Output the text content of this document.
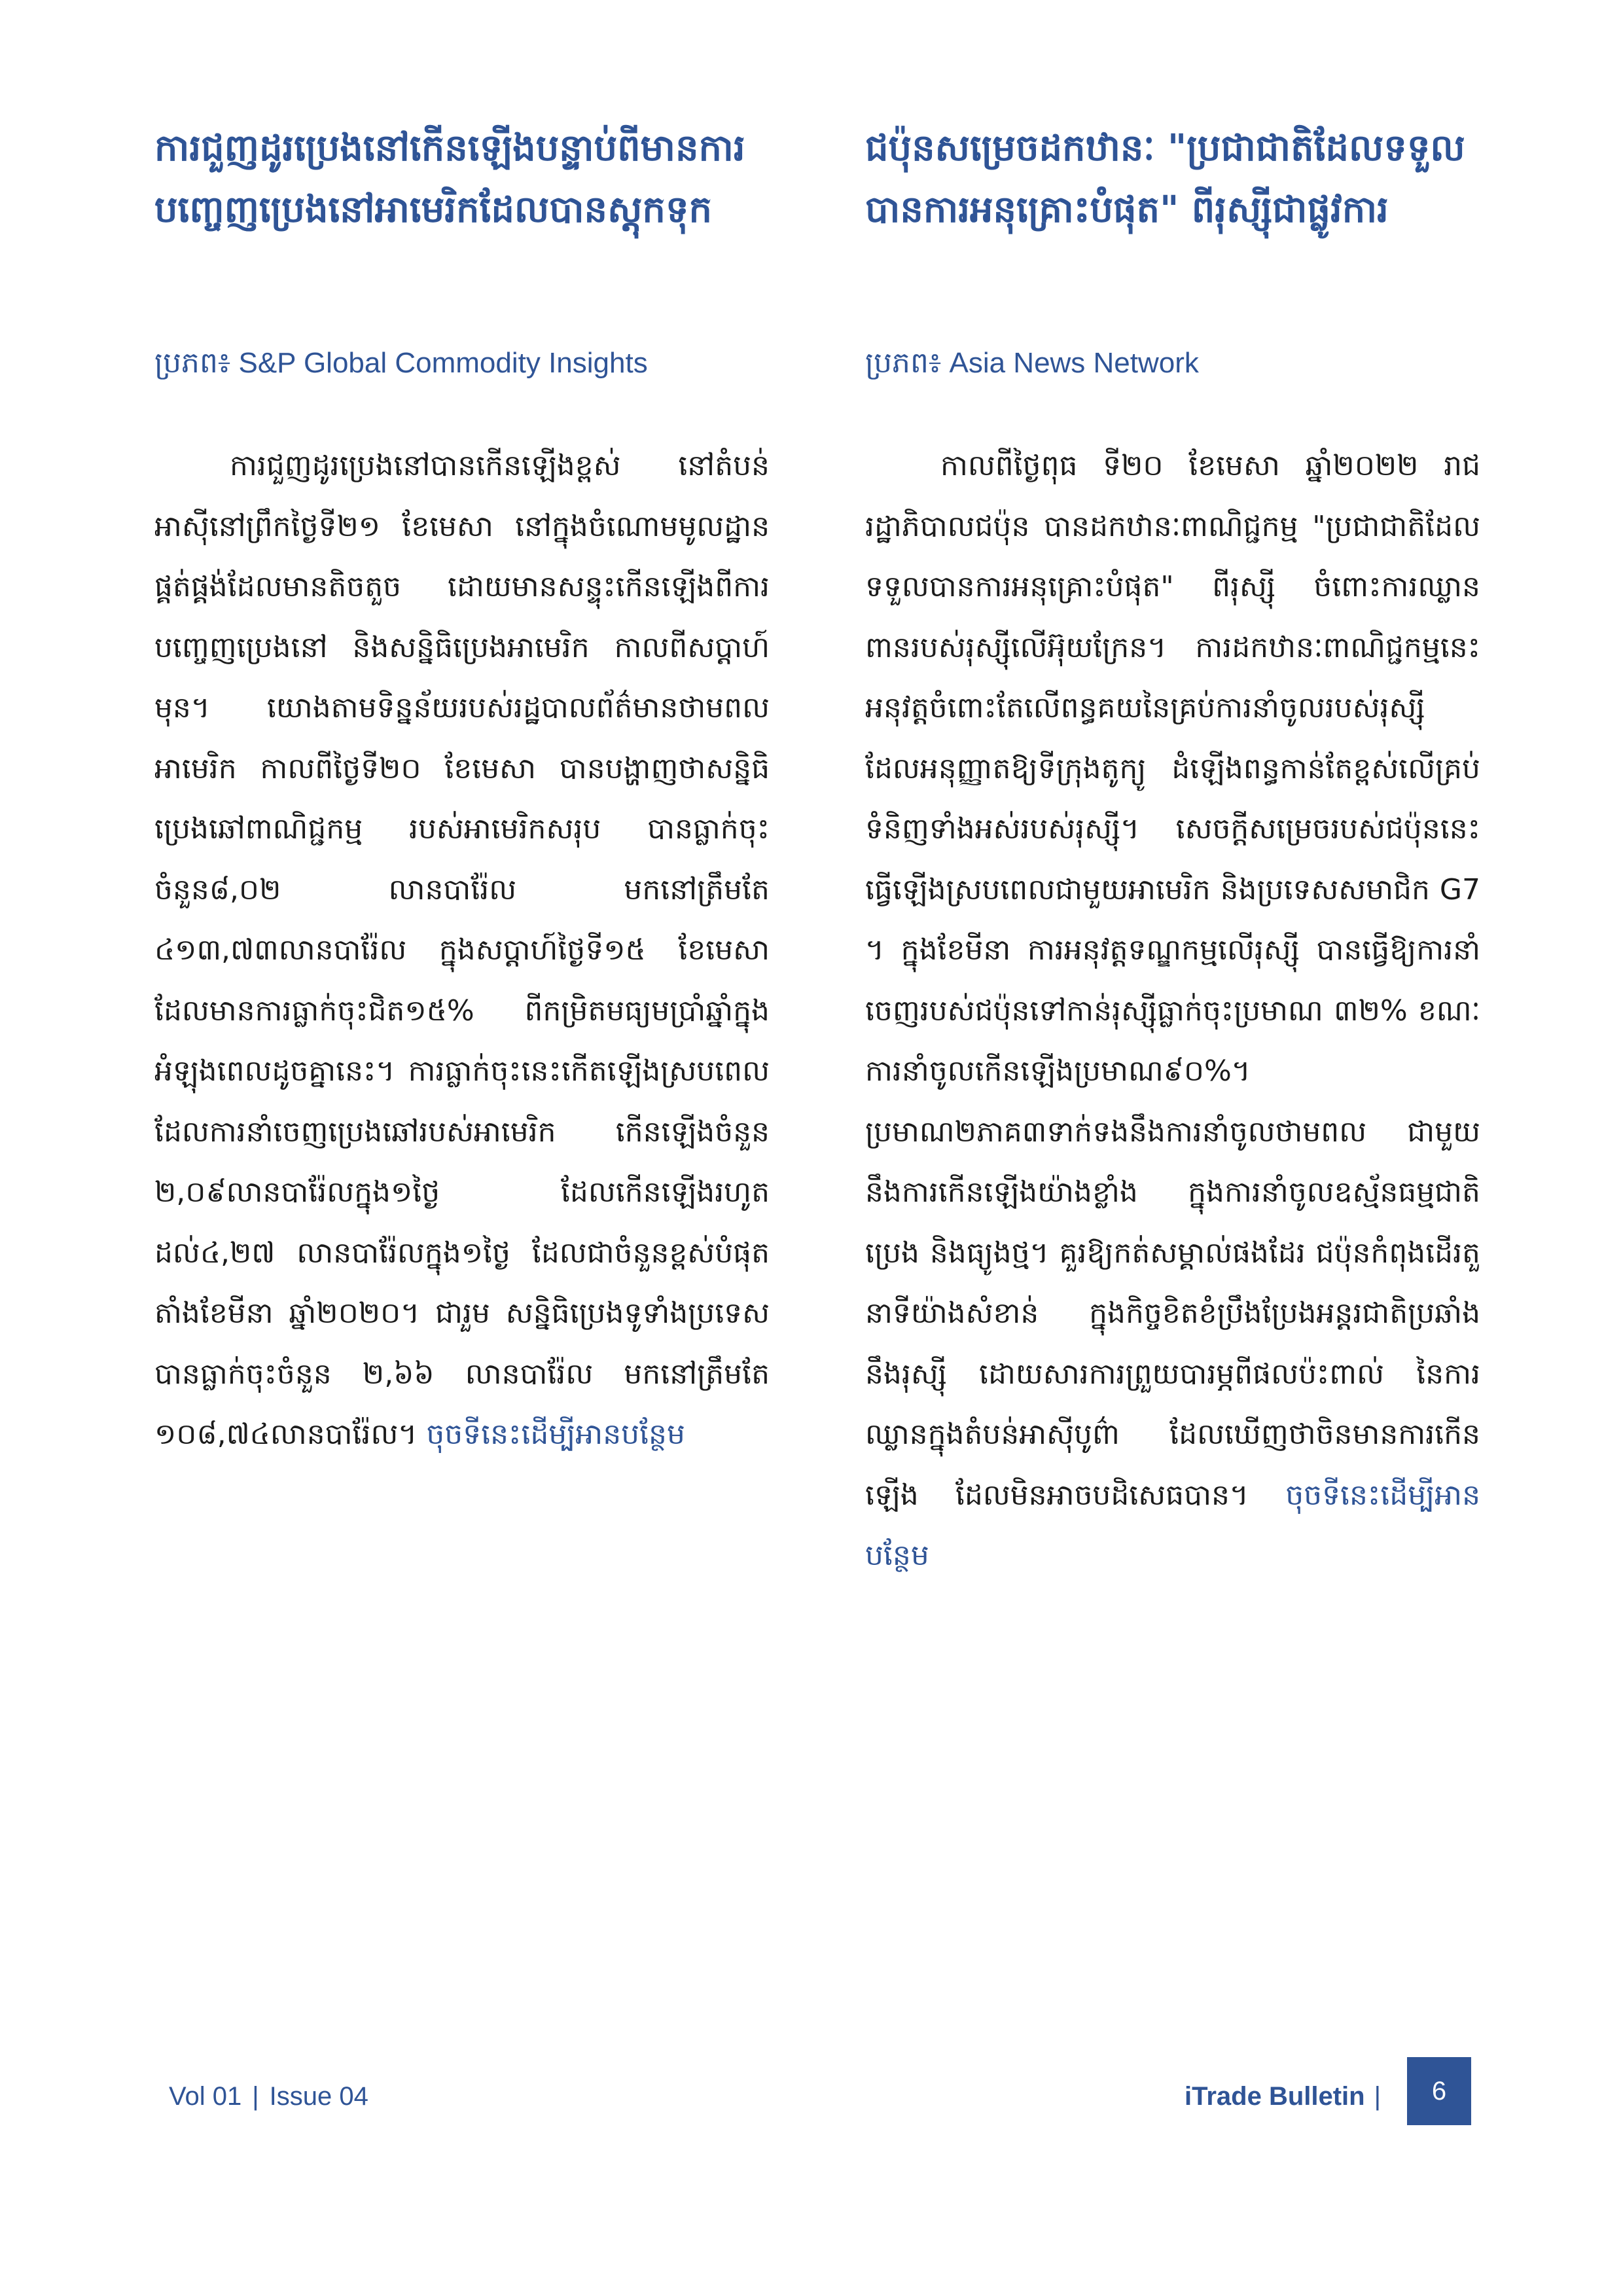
ជប៉ុនសម្រេចដកឋានៈ "ប្រជាជាតិដែលទទួលបានការអនុគ្រោះបំផុត" ពីរុស្ស៊ីជាផ្លូវការ
ប្រភព៖ Asia News Network

កាលពីថ្ងៃពុធ ទី២០ ខែមេសា ឆ្នាំ២០២២ រាជរដ្ឋាភិបាលជប៉ុន បានដកឋានៈពាណិជ្ជកម្ម "ប្រជាជាតិដែលទទួលបានការអនុគ្រោះបំផុត" ពីរុស្ស៊ី ចំពោះការឈ្លានពានរបស់រុស្ស៊ីលើអ៊ុយក្រែន។ ការដកឋានៈពាណិជ្ជកម្មនេះ អនុវត្តចំពោះតែលើពន្ធគយនៃគ្រប់ការនាំចូលរបស់រុស្ស៊ី ដែលអនុញ្ញាតឱ្យទីក្រុងតូក្យូ ដំឡើងពន្ធកាន់តែខ្ពស់លើគ្រប់ទំនិញទាំងអស់របស់រុស្ស៊ី។ សេចក្តីសម្រេចរបស់ជប៉ុននេះ ធ្វើឡើងស្របពេលជាមួយអាមេរិក និងប្រទេសសមាជិក G7 ។ ក្នុងខែមីនា ការអនុវត្តទណ្ឌកម្មលើរុស្ស៊ី បានធ្វើឱ្យការនាំចេញរបស់ជប៉ុនទៅកាន់រុស្ស៊ីធ្លាក់ចុះប្រមាណ ៣២% ខណៈការនាំចូលកើនឡើងប្រមាណ៩០%។ ប្រមាណ២ភាគ៣ទាក់ទងនឹងការនាំចូលថាមពល ជាមួយនឹងការកើនឡើងយ៉ាងខ្លាំង ក្នុងការនាំចូលឧស្ម័នធម្មជាតិ ប្រេង និងធ្យូងថ្ម។ គួរឱ្យកត់សម្គាល់ផងដែរ ជប៉ុនកំពុងដើរតួនាទីយ៉ាងសំខាន់ ក្នុងកិច្ចខិតខំប្រឹងប្រែងអន្តរជាតិប្រឆាំងនឹងរុស្ស៊ី ដោយសារការព្រួយបារម្ភពីផលប៉ះពាល់ នៃការឈ្លានក្នុងតំបន់អាស៊ីបូព៌ា ដែលឃើញថាចិនមានការកើនឡើង ដែលមិនអាចបដិសេធបាន។ ចុចទីនេះដើម្បីអានបន្ថែម

ការជួញដូរប្រេងនៅកើនឡើងបន្ទាប់ពីមានការបញ្ចេញប្រេងនៅអាមេរិកដែលបានស្តុកទុក
ប្រភព៖ S&P Global Commodity Insights

ការជួញដូរប្រេងនៅបានកើនឡើងខ្ពស់ នៅតំបន់អាស៊ីនៅព្រឹកថ្ងៃទី២១ ខែមេសា នៅក្នុងចំណោមមូលដ្ឋានផ្គត់ផ្គង់ដែលមានតិចតួច ដោយមានសន្ទុះកើនឡើងពីការបញ្ចេញប្រេងនៅ និងសន្និធិប្រេងអាមេរិក កាលពីសប្តាហ៍មុន។ យោងតាមទិន្នន័យរបស់រដ្ឋបាលព័ត៌មានថាមពលអាមេរិក កាលពីថ្ងៃទី២០ ខែមេសា បានបង្ហាញថាសន្និធិប្រេងឆៅពាណិជ្ជកម្ម របស់អាមេរិកសរុប បានធ្លាក់ចុះចំនួន៨,០២ លានបារ៉ែល មកនៅត្រឹមតែ ៤១៣,៧៣លានបារ៉ែល ក្នុងសប្តាហ៍ថ្ងៃទី១៥ ខែមេសា ដែលមានការធ្លាក់ចុះជិត១៥% ពីកម្រិតមធ្យមប្រាំឆ្នាំក្នុងអំឡុងពេលដូចគ្នានេះ។ ការធ្លាក់ចុះនេះកើតឡើងស្របពេលដែលការនាំចេញប្រេងឆៅរបស់អាមេរិក កើនឡើងចំនួន ២,០៩លានបារ៉ែលក្នុង១ថ្ងៃ ដែលកើនឡើងរហូតដល់៤,២៧ លានបារ៉ែលក្នុង១ថ្ងៃ ដែលជាចំនួនខ្ពស់បំផុតតាំងខែមីនា ឆ្នាំ២០២០។ ជារួម សន្និធិប្រេងទូទាំងប្រទេស បានធ្លាក់ចុះចំនួន ២,៦៦ លានបារ៉ែល មកនៅត្រឹមតែ ១០៨,៧៤លានបារ៉ែល។ ចុចទីនេះដើម្បីអានបន្ថែម

Vol 01 | Issue 04	iTrade Bulletin | 6
